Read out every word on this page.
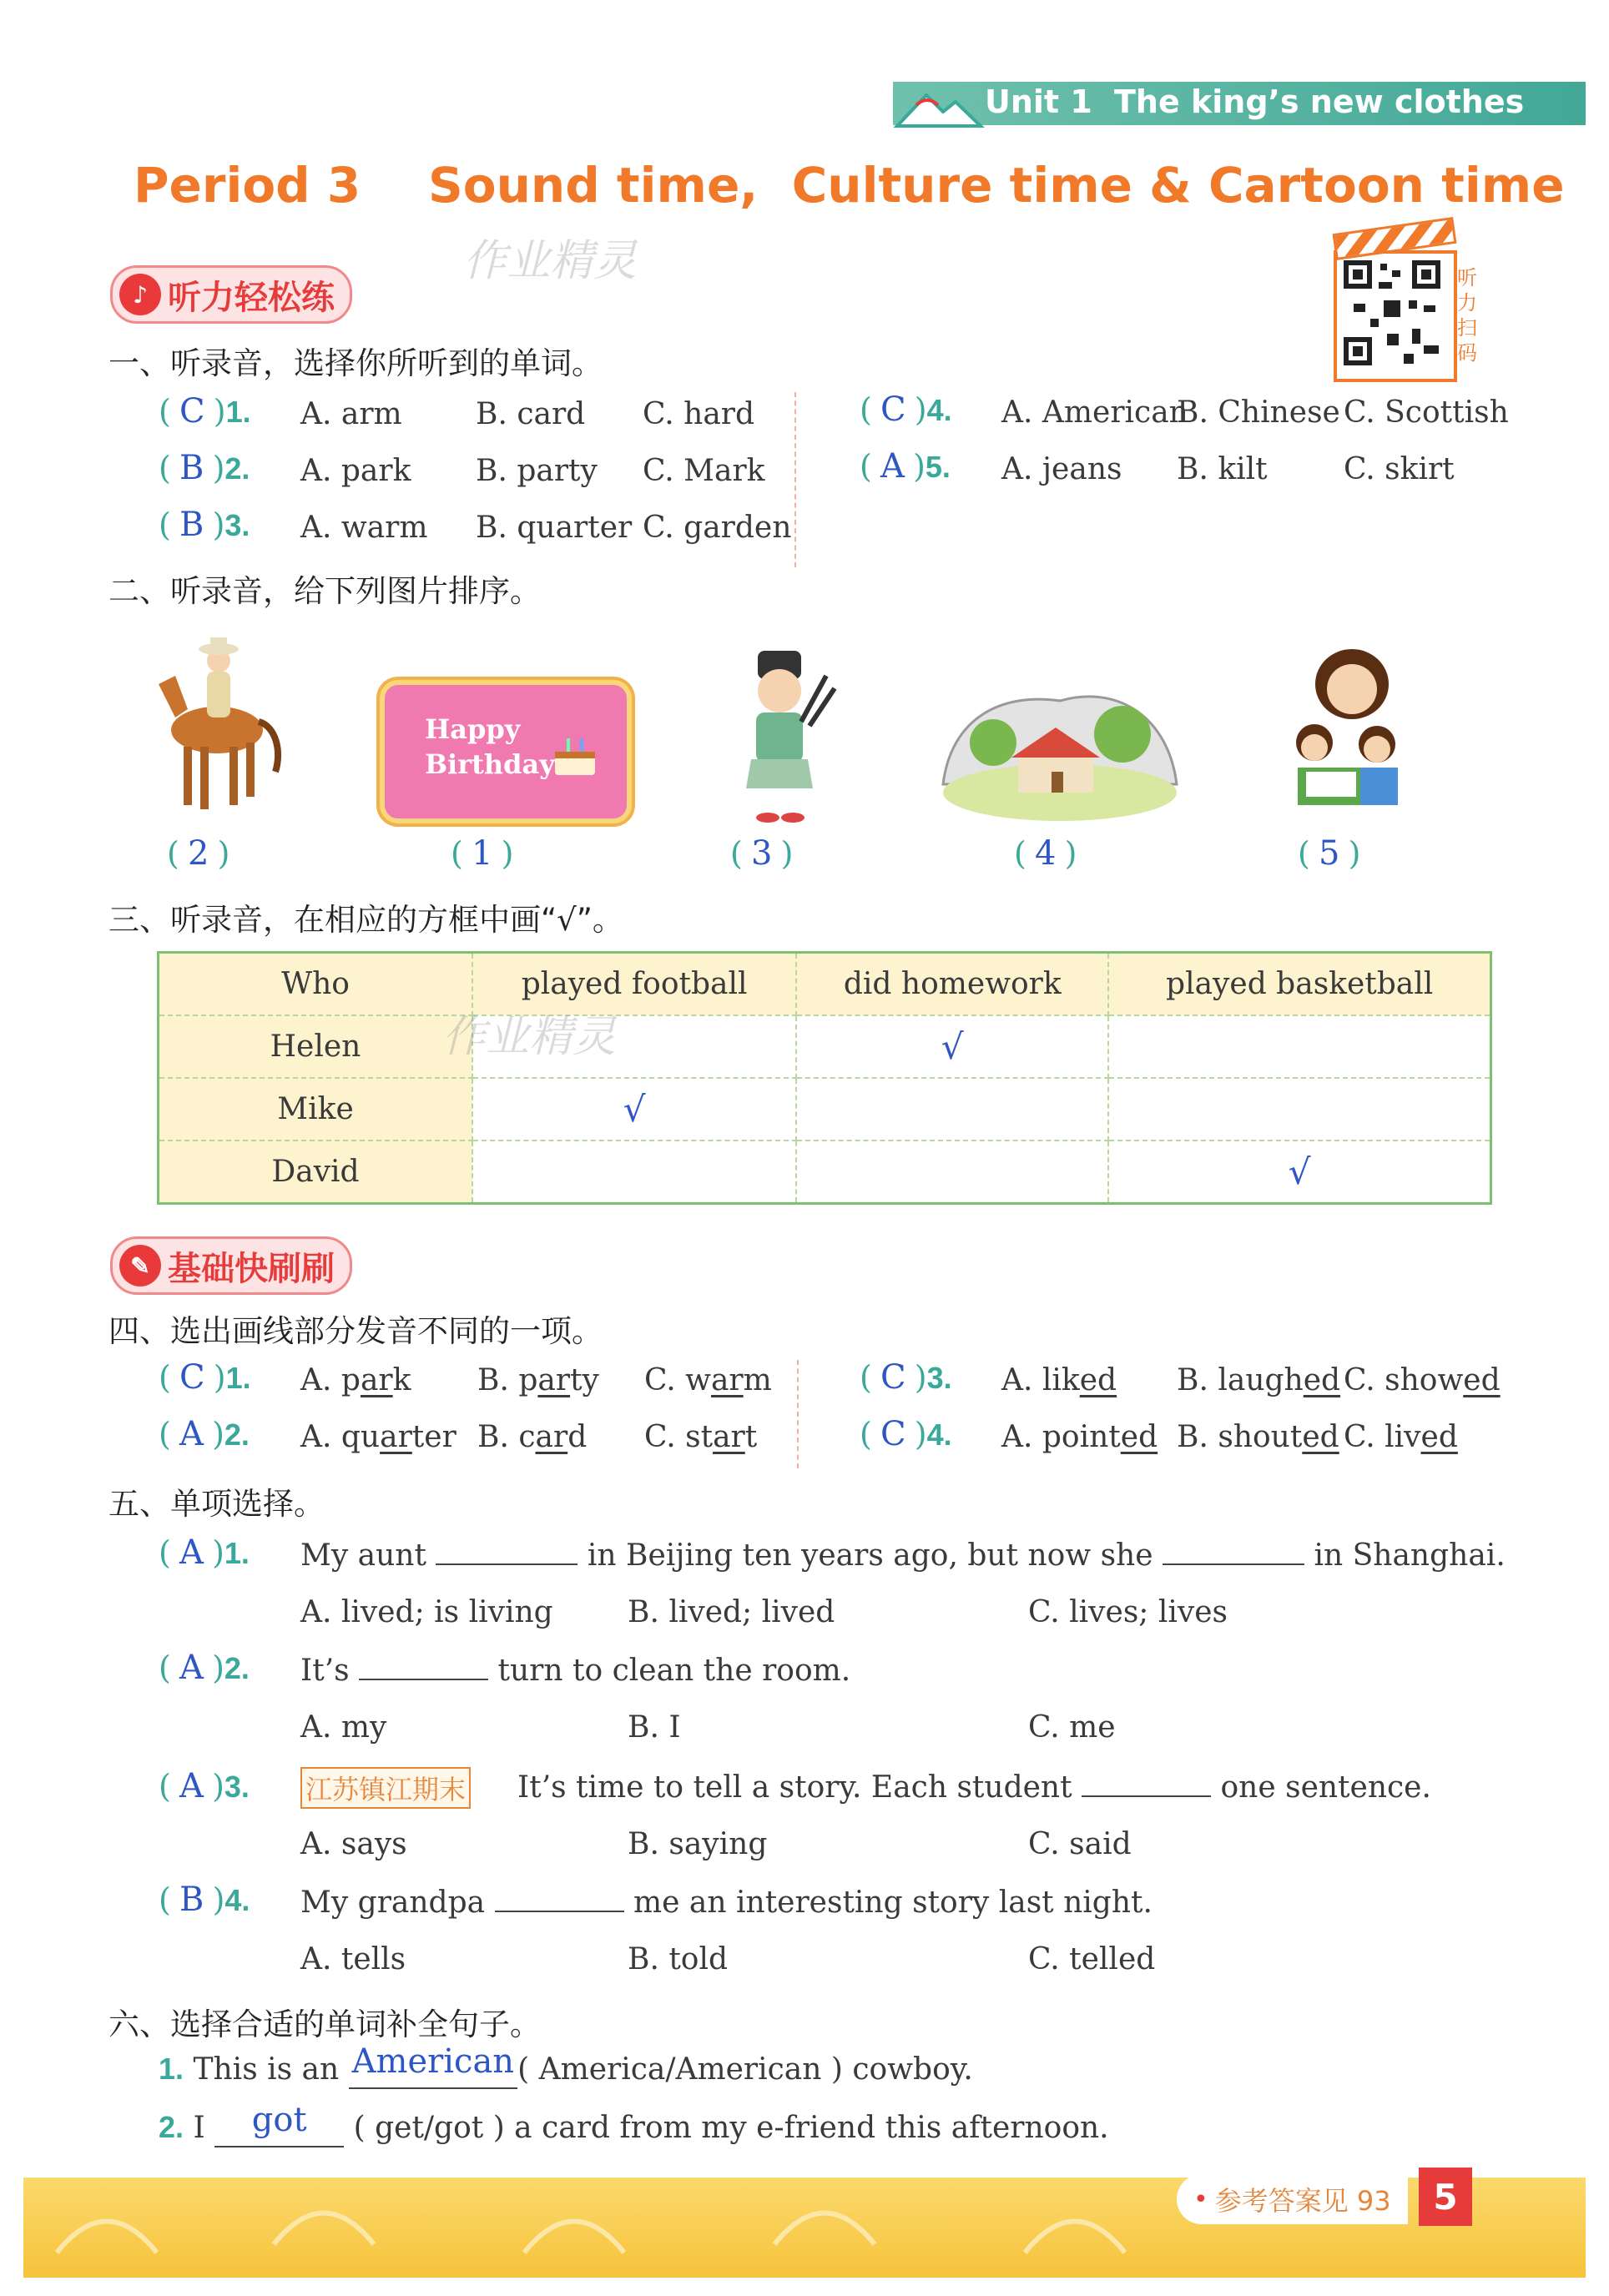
Unit 1 The king’s new clothes
Period 3    Sound time,  Culture time & Cartoon time
作业精灵	听力扫码
♪ 听力轻松练
一、听录音，选择你所听到的单词。
( C )1. A. arm B. card C. hard
( B )2. A. park B. party C. Mark
( B )3. A. warm B. quarter C. garden
( C )4. A. American
B. Chinese C. Scottish
( A )5. A. jeans B. kilt	C. skirt
二、听录音，给下列图片排序。
Happy
Birthday
( 2 )	( 1 )	( 3 )	( 4 )	( 5 )
三、听录音，在相应的方框中画“√”。
Who	played football	did homework	played basketball
Helen		√	
Mike	√		
David			√
作业精灵
✎ 基础快刷刷
四、选出画线部分发音不同的一项。
( C )1. A. park B. party C. warm
( A )2. A. quarter B. card C. start
( C )3. A. liked B. laughed C. showed
( C )4. A. pointed B. shouted C. lived
五、单项选择。
( A )1. My aunt	in Beijing ten years ago, but now she	in Shanghai.
A. lived; is living B. lived; lived	C. lives; lives
( A )2. It’s	turn to clean the room.
A. my	B. I	C. me
( A )3. 江苏镇江期末 It’s time to tell a story. Each student	one sentence.
A. says	B. saying	C. said
( B )4. My grandpa	me an interesting story last night.
A. tells	B. told	C. telled
六、选择合适的单词补全句子。
1. This is an American ( America/American ) cowboy.
2. I got ( get/got ) a card from my e-friend this afternoon.
• 参考答案见 93	5
